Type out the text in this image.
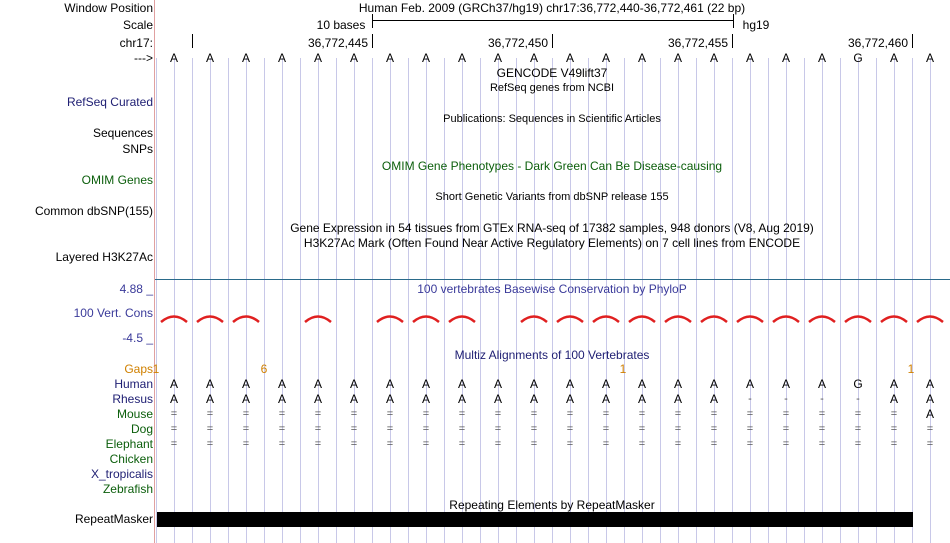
Window Position
Scale
chr17:
--->
RefSeq Curated
Sequences
SNPs
OMIM Genes
Common dbSNP(155)
Layered H3K27Ac
4.88 _
100 Vert. Cons
-4.5 _
Gaps
Human
Rhesus
Mouse
Dog
Elephant
Chicken
X_tropicalis
Zebrafish
RepeatMasker
Human Feb. 2009 (GRCh37/hg19) chr17:36,772,440-36,772,461 (22 bp)
10 bases	hg19
36,772,445	36,772,450	36,772,455	36,772,460
A A A A A A A A A A A A A A A A A A A G A A
GENCODE V49lift37
RefSeq genes from NCBI
Publications: Sequences in Scientific Articles
OMIM Gene Phenotypes - Dark Green Can Be Disease-causing
Short Genetic Variants from dbSNP release 155
Gene Expression in 54 tissues from GTEx RNA-seq of 17382 samples, 948 donors (V8, Aug 2019)
H3K27Ac Mark (Often Found Near Active Regulatory Elements) on 7 cell lines from ENCODE
100 vertebrates Basewise Conservation by PhyloP
Multiz Alignments of 100 Vertebrates
1	6	1	1
A A A A A A A A A A A A A A A A A A A G A A
A A A A A A A A A A A A A A A A	-	-	-	-	A A
=	=	=	=	=	=	=	=	=	=	=	=	=	=	=	=	=	=	=	=	=	A
=	=	=	=	=	=	=	=	=	=	=	=	=	=	=	=	=	=	=	=	=	=
=	=	=	=	=	=	=	=	=	=	=	=	=	=	=	=	=	=	=	=	=	=
Repeating Elements by RepeatMasker
